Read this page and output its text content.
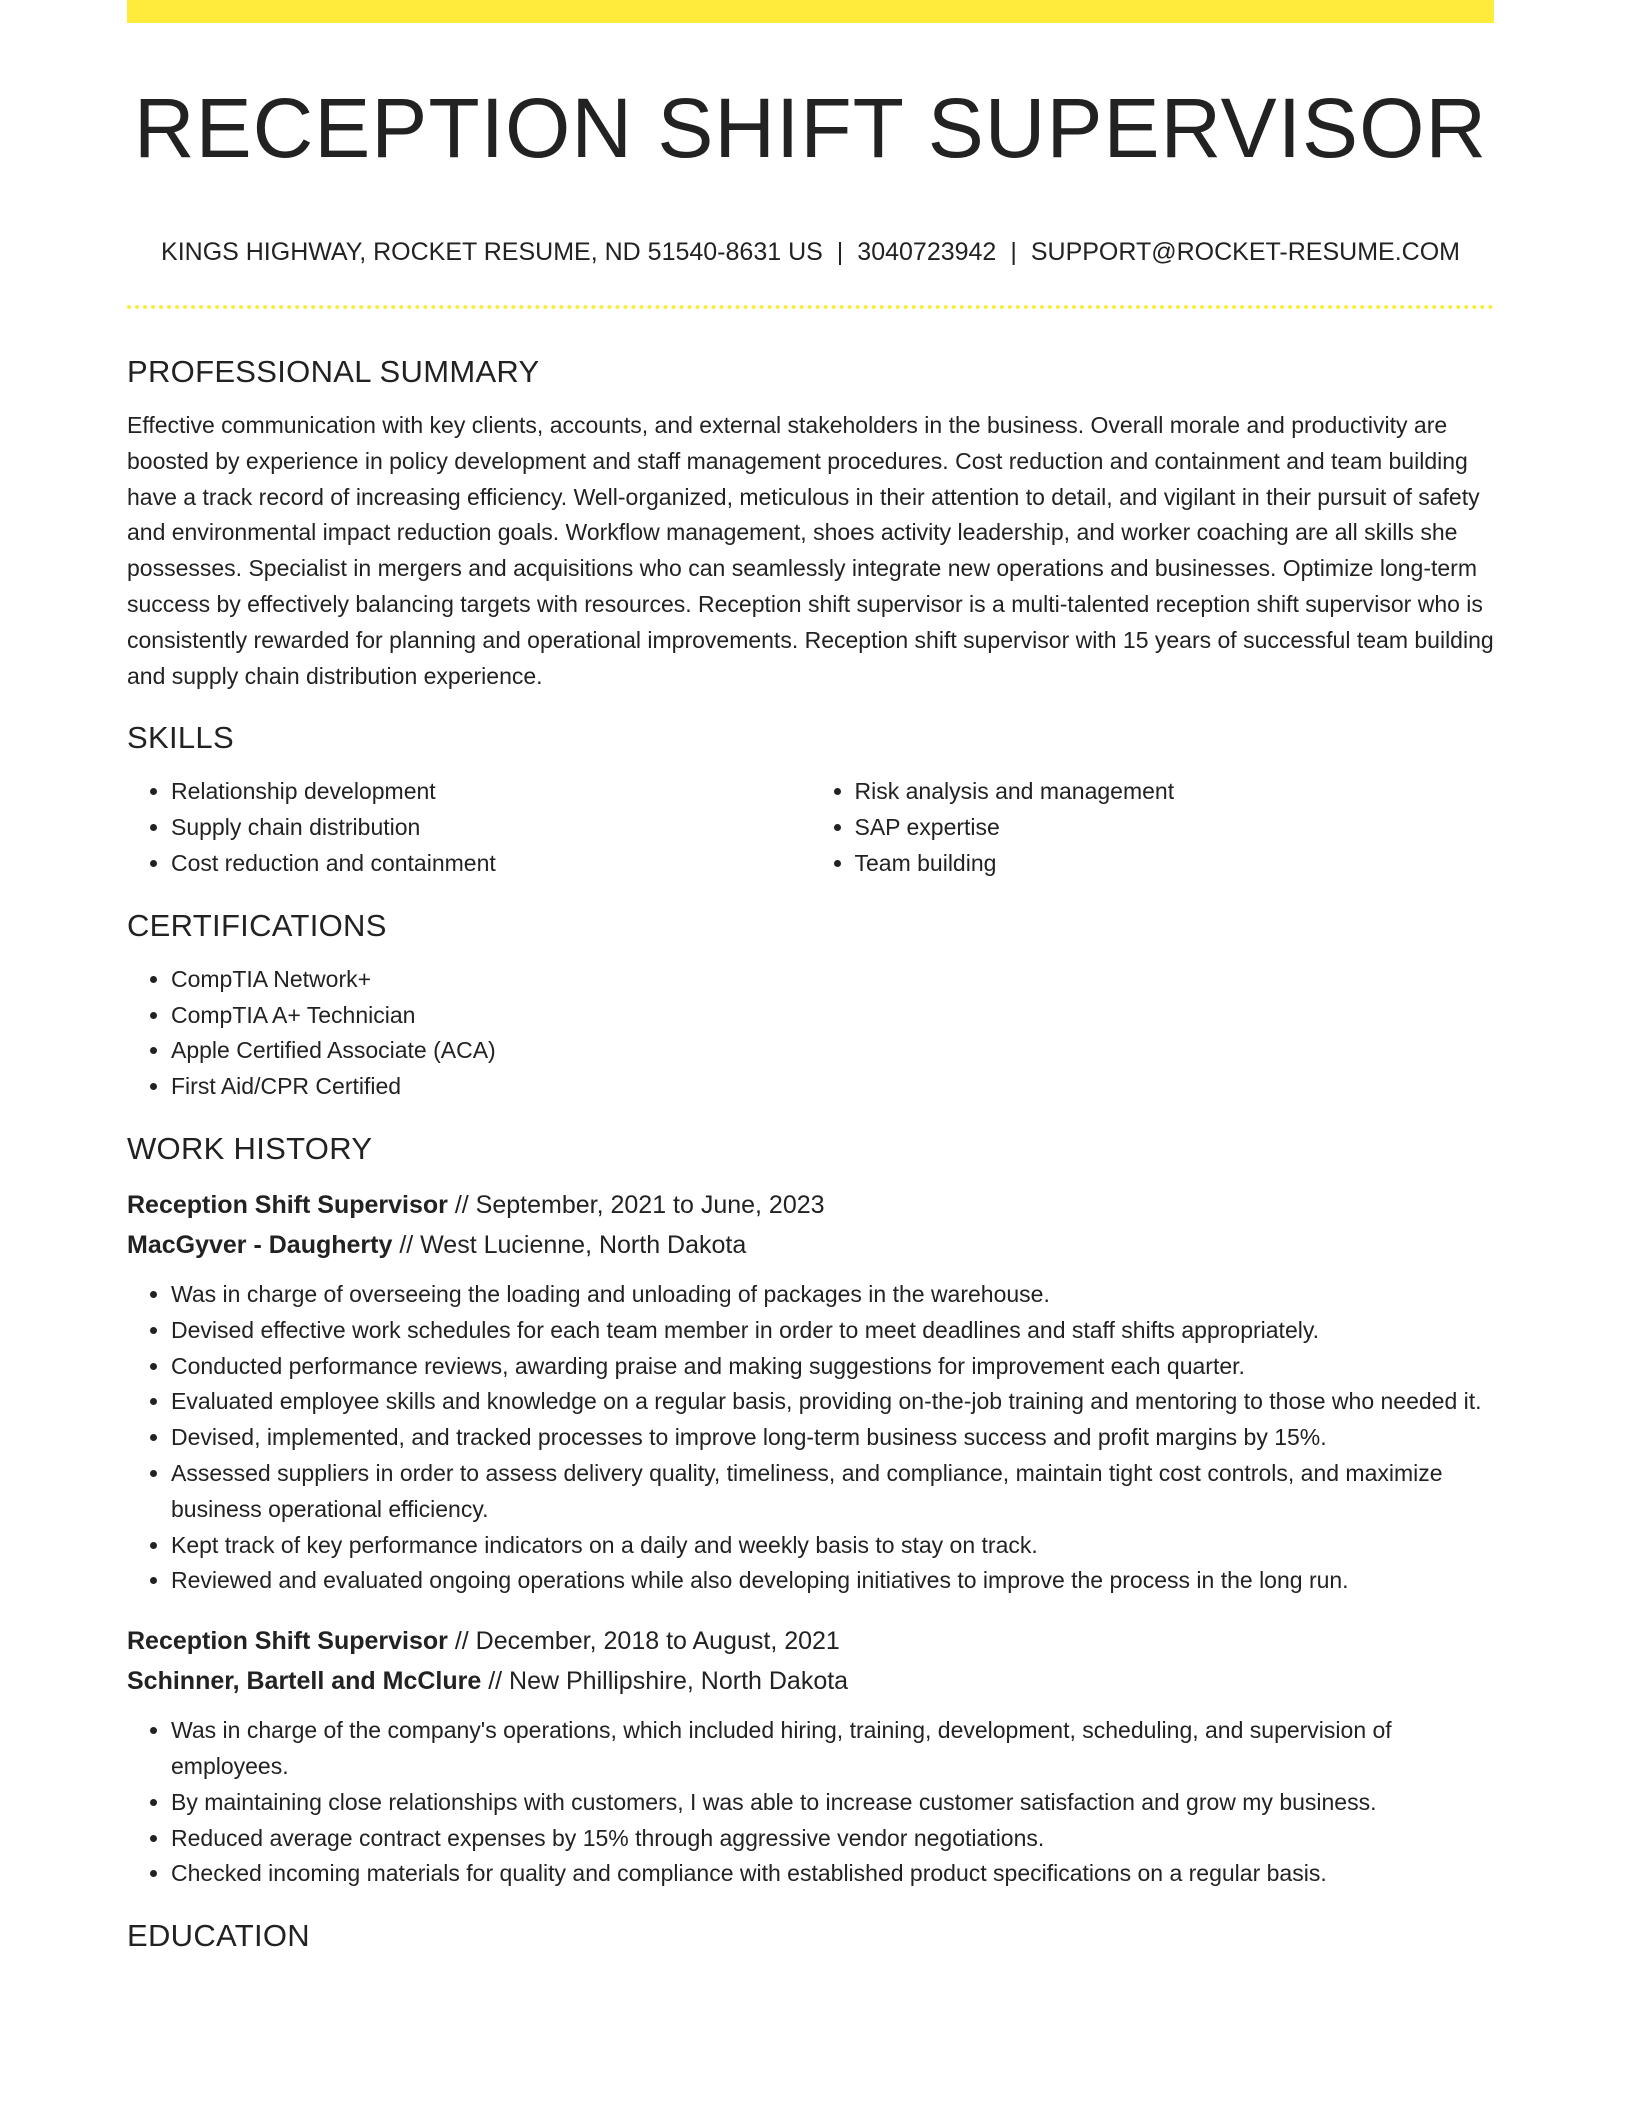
RECEPTION SHIFT SUPERVISOR
KINGS HIGHWAY, ROCKET RESUME, ND 51540-8631 US | 3040723942 | SUPPORT@ROCKET-RESUME.COM
PROFESSIONAL SUMMARY

Effective communication with key clients, accounts, and external stakeholders in the business. Overall morale and productivity are boosted by experience in policy development and staff management procedures. Cost reduction and containment and team building have a track record of increasing efficiency. Well-organized, meticulous in their attention to detail, and vigilant in their pursuit of safety and environmental impact reduction goals. Workflow management, shoes activity leadership, and worker coaching are all skills she possesses. Specialist in mergers and acquisitions who can seamlessly integrate new operations and businesses. Optimize long-term success by effectively balancing targets with resources. Reception shift supervisor is a multi-talented reception shift supervisor who is consistently rewarded for planning and operational improvements. Reception shift supervisor with 15 years of successful team building and supply chain distribution experience.

SKILLS
• Relationship development
• Supply chain distribution
• Cost reduction and containment
• Risk analysis and management
• SAP expertise
• Team building
CERTIFICATIONS
• CompTIA Network+
• CompTIA A+ Technician
• Apple Certified Associate (ACA)
• First Aid/CPR Certified
WORK HISTORY
Reception Shift Supervisor // September, 2021 to June, 2023
MacGyver - Daugherty // West Lucienne, North Dakota
• Was in charge of overseeing the loading and unloading of packages in the warehouse.
• Devised effective work schedules for each team member in order to meet deadlines and staff shifts appropriately.
• Conducted performance reviews, awarding praise and making suggestions for improvement each quarter.
• Evaluated employee skills and knowledge on a regular basis, providing on-the-job training and mentoring to those who needed it.
• Devised, implemented, and tracked processes to improve long-term business success and profit margins by 15%.
• Assessed suppliers in order to assess delivery quality, timeliness, and compliance, maintain tight cost controls, and maximize business operational efficiency.
• Kept track of key performance indicators on a daily and weekly basis to stay on track.
• Reviewed and evaluated ongoing operations while also developing initiatives to improve the process in the long run.
Reception Shift Supervisor // December, 2018 to August, 2021
Schinner, Bartell and McClure // New Phillipshire, North Dakota
• Was in charge of the company's operations, which included hiring, training, development, scheduling, and supervision of employees.
• By maintaining close relationships with customers, I was able to increase customer satisfaction and grow my business.
• Reduced average contract expenses by 15% through aggressive vendor negotiations.
• Checked incoming materials for quality and compliance with established product specifications on a regular basis.
EDUCATION
